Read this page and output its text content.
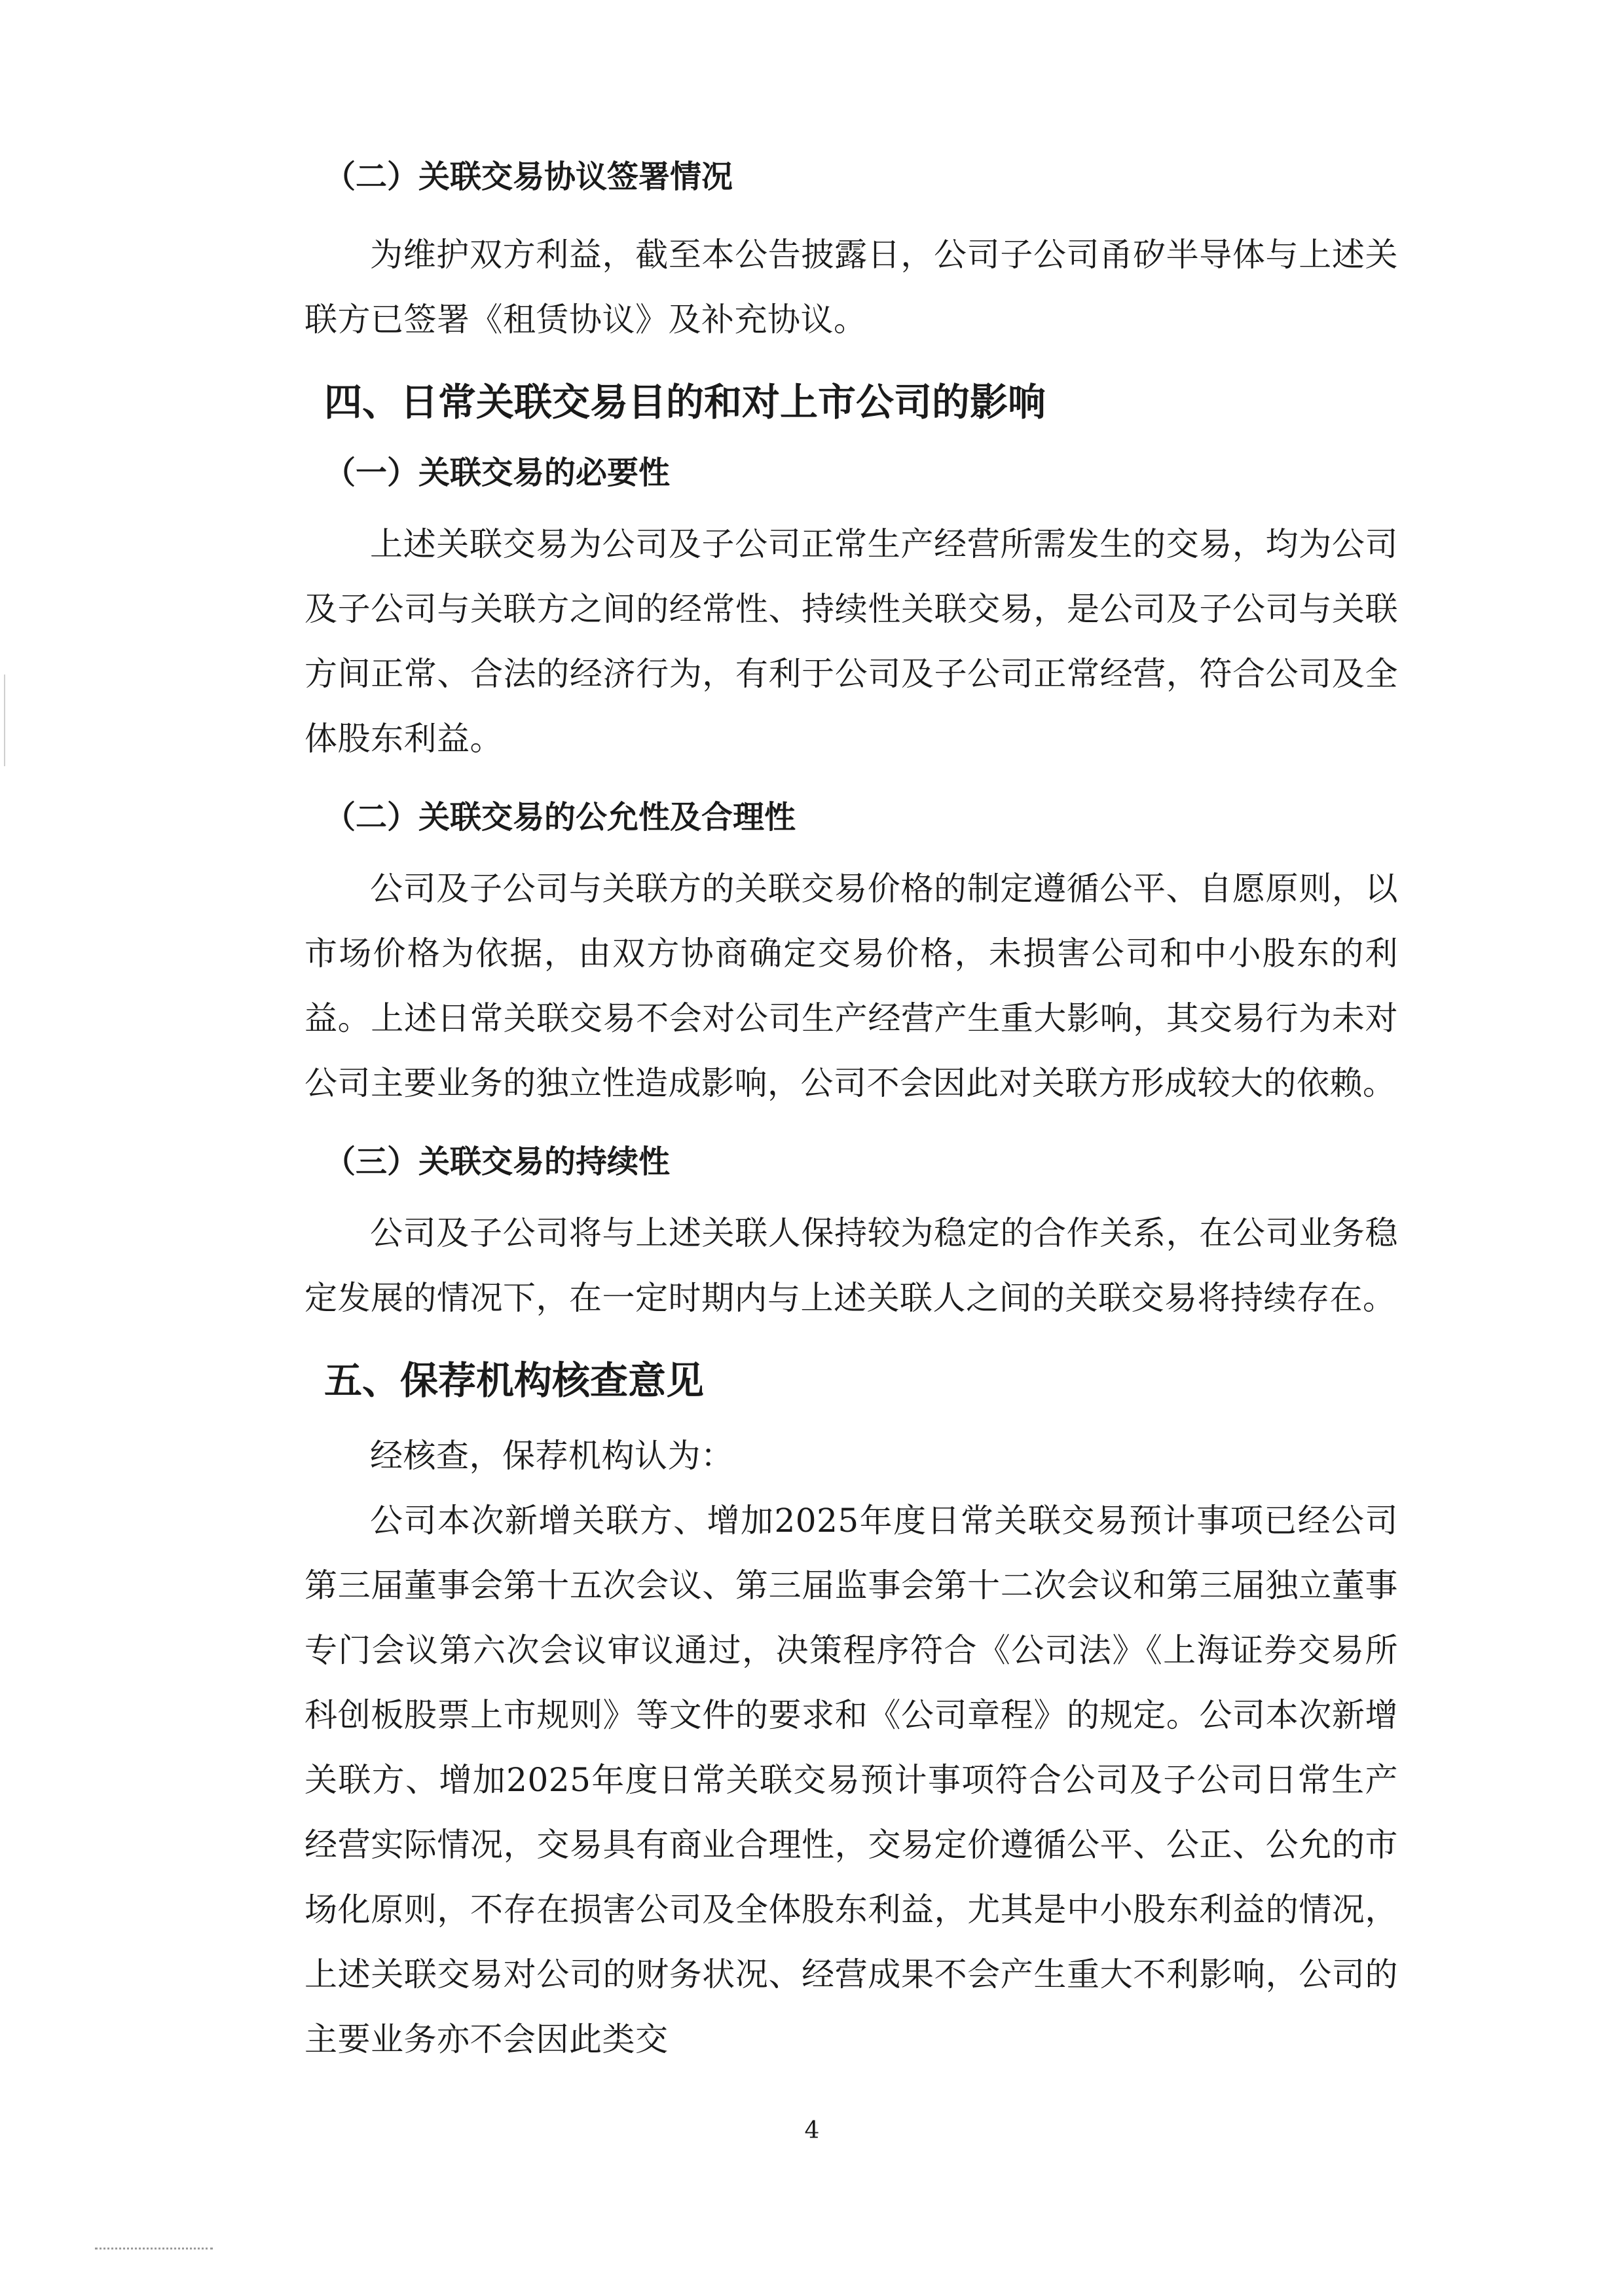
（二）关联交易协议签署情况

为维护双方利益，截至本公告披露日，公司子公司甬矽半导体与上述关联方已签署《租赁协议》及补充协议。

四、日常关联交易目的和对上市公司的影响

（一）关联交易的必要性

上述关联交易为公司及子公司正常生产经营所需发生的交易，均为公司及子公司与关联方之间的经常性、持续性关联交易，是公司及子公司与关联方间正常、合法的经济行为，有利于公司及子公司正常经营，符合公司及全体股东利益。

（二）关联交易的公允性及合理性

公司及子公司与关联方的关联交易价格的制定遵循公平、自愿原则，以市场价格为依据，由双方协商确定交易价格，未损害公司和中小股东的利益。上述日常关联交易不会对公司生产经营产生重大影响，其交易行为未对公司主要业务的独立性造成影响，公司不会因此对关联方形成较大的依赖。

（三）关联交易的持续性

公司及子公司将与上述关联人保持较为稳定的合作关系，在公司业务稳定发展的情况下，在一定时期内与上述关联人之间的关联交易将持续存在。

五、保荐机构核查意见

经核查，保荐机构认为：

公司本次新增关联方、增加2025年度日常关联交易预计事项已经公司第三届董事会第十五次会议、第三届监事会第十二次会议和第三届独立董事专门会议第六次会议审议通过，决策程序符合《公司法》《上海证券交易所科创板股票上市规则》等文件的要求和《公司章程》的规定。公司本次新增关联方、增加2025年度日常关联交易预计事项符合公司及子公司日常生产经营实际情况，交易具有商业合理性，交易定价遵循公平、公正、公允的市场化原则，不存在损害公司及全体股东利益，尤其是中小股东利益的情况，上述关联交易对公司的财务状况、经营成果不会产生重大不利影响，公司的主要业务亦不会因此类交

4
